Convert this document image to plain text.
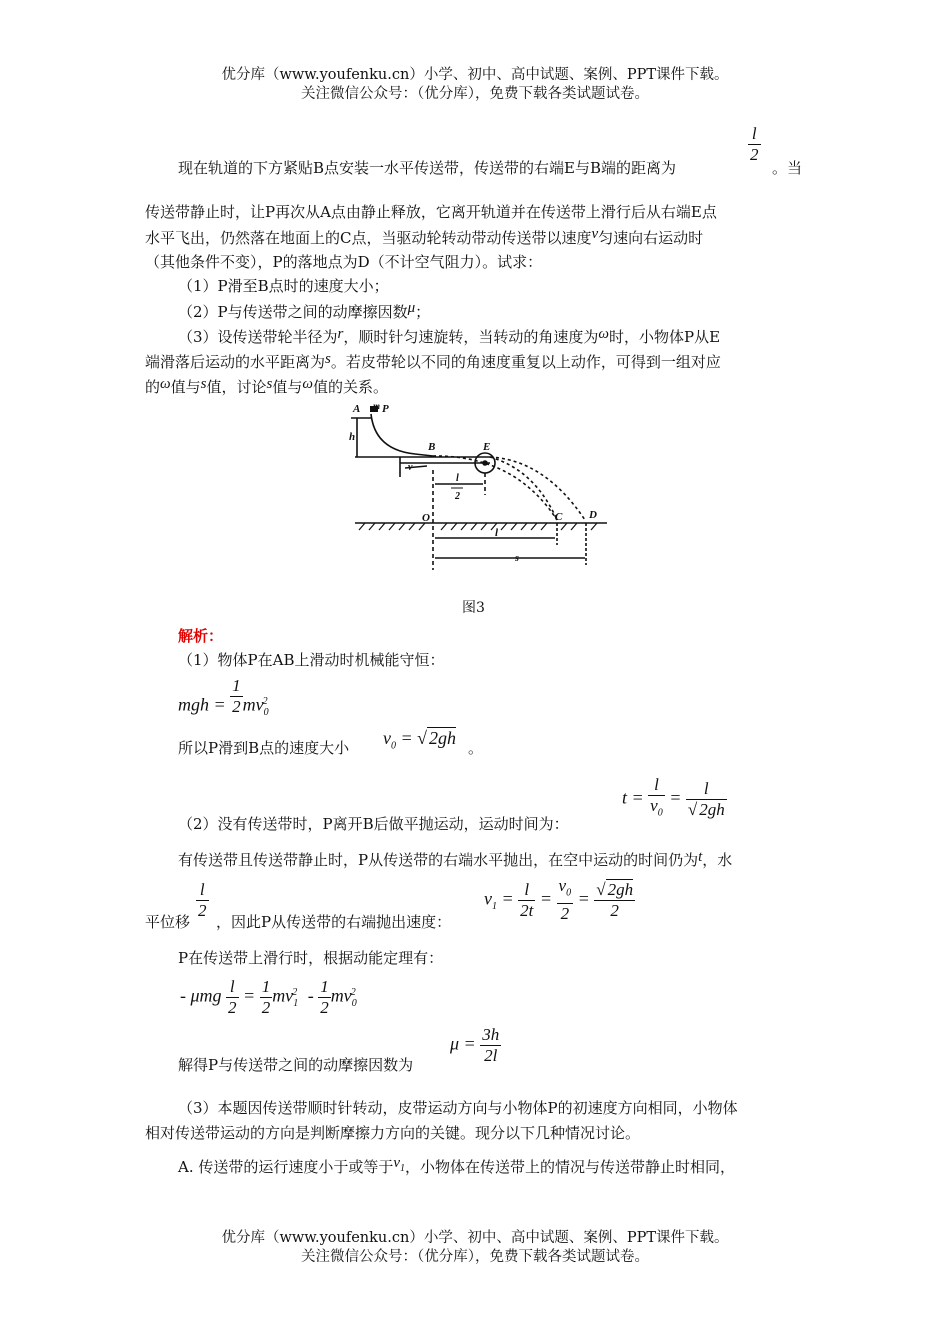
优分库（www.youfenku.cn）小学、初中、高中试题、案例、PPT课件下载。
关注微信公众号：（优分库），免费下载各类试题试卷。
现在轨道的下方紧贴B点安装一水平传送带，传送带的右端E与B端的距离为
$\frac{l}{2}$
。当
传送带静止时，让P再次从A点由静止释放，它离开轨道并在传送带上滑行后从右端E点
水平飞出，仍然落在地面上的C点，当驱动轮转动带动传送带以速度v匀速向右运动时
（其他条件不变），P的落地点为D（不计空气阻力）。试求：
（1）P滑至B点时的速度大小；
（2）P与传送带之间的动摩擦因数μ；
（3）设传送带轮半径为r，顺时针匀速旋转，当转动的角速度为ω时，小物体P从E
端滑落后运动的水平距离为s。若皮带轮以不同的角速度重复以上动作，可得到一组对应
的ω值与s值，讨论s值与ω值的关系。
A m P
h
B	E
v
l
2
O	C D
l
s
图3
解析：
（1）物体P在AB上滑动时机械能守恒：
mgh = $\frac{1}{2} mv_0^2$
所以P滑到B点的速度大小 $v_0$ = √ 2gh 。
$t = \frac{l}{v_0} = \frac{l}{√ 2gh}$
（2）没有传送带时，P离开B后做平抛运动，运动时间为：
有传送带且传送带静止时，P从传送带的右端水平抛出，在空中运动的时间仍为t，水
$\frac{l}{2}$
平位移 ，因此P从传送带的右端抛出速度：
$v_1 = \frac{l}{2t} = \frac{v_0}{2} = \frac{√ 2gh}{2}$
P在传送带上滑行时，根据动能定理有：
- μmg $\frac{l}{2} = \frac{1}{2} mv_1^2 - \frac{1}{2} mv_0^2$
$\mu = \frac{3h}{2l}$
解得P与传送带之间的动摩擦因数为
（3）本题因传送带顺时针转动，皮带运动方向与小物体P的初速度方向相同，小物体
相对传送带运动的方向是判断摩擦力方向的关键。现分以下几种情况讨论。
A. 传送带的运行速度小于或等于$v_1$，小物体在传送带上的情况与传送带静止时相同，
优分库（www.youfenku.cn）小学、初中、高中试题、案例、PPT课件下载。
关注微信公众号：（优分库），免费下载各类试题试卷。
